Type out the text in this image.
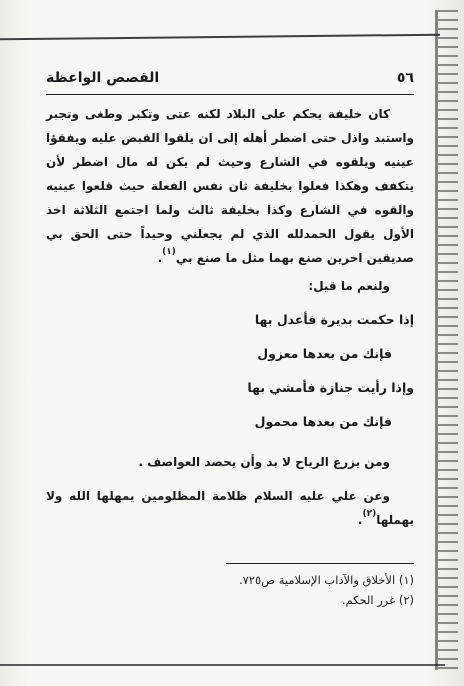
٥٦
القصص الواعظة

كان خليفة يحكم على البلاد لكنه عتى وتكبر وطغى وتجبر واستبد واذل حتى اضطر أهله إلى ان يلقوا القبض عليه ويفقؤا عينيه ويلقوه في الشارع وحيث لم يكن له مال اضطر لأن يتكفف وهكذا فعلوا بخليفة ثان نفس الفعلة حيث قلعوا عينيه والقوه في الشارع وكذا بخليفة ثالث ولما اجتمع الثلاثة اخذ الأول يقول الحمدلله الذي لم يجعلني وحيداً حتى الحق بي صديقين اخرين صنع بهما مثل ما صنع بي$^{(١)}$.

ولنعم ما قيل:

إذا حكمت بديرة فأعدل بها

فإنك من بعدها معزول

وإذا رأيت جنازة فأمشي بها

فإنك من بعدها محمول

ومن يزرع الرياح لا بد وأن يحصد العواصف .

وعن علي عليه السلام ظلامة المظلومين يمهلها الله ولا يهملها$^{(٢)}$.

(١) الأخلاق والآداب الإسلامية ص٧٢٥.

(٢) غرر الحكم.
